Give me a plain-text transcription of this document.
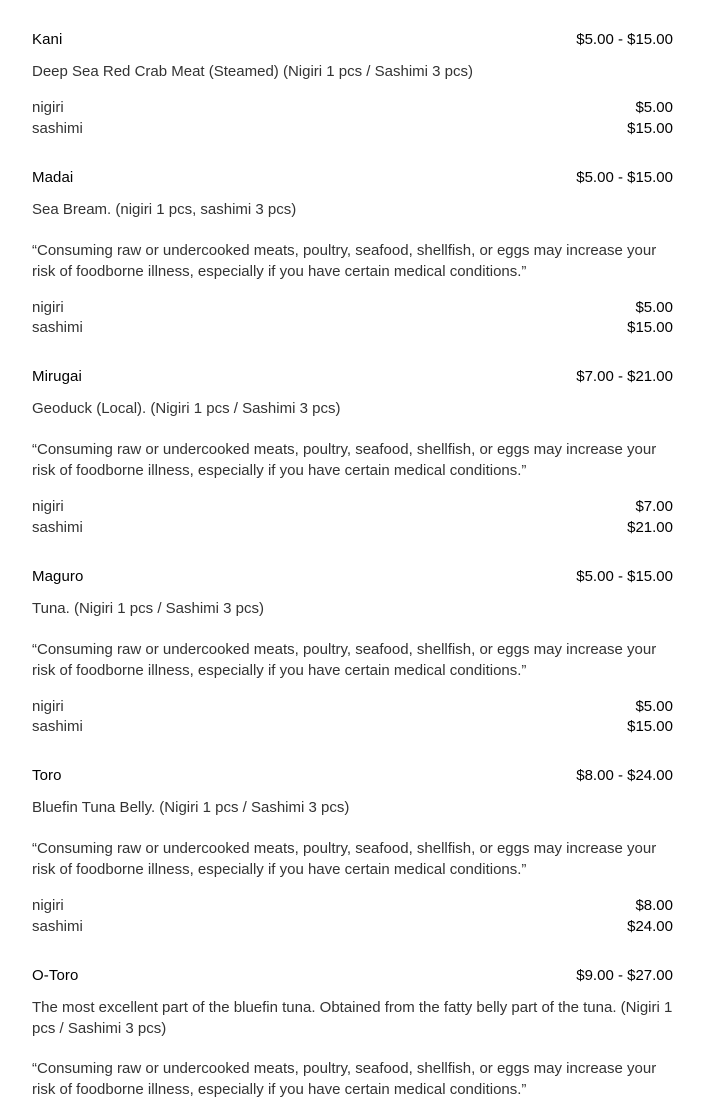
Kani	$5.00 - $15.00
Deep Sea Red Crab Meat (Steamed) (Nigiri 1 pcs / Sashimi 3 pcs)
nigiri	$5.00
sashimi	$15.00
Madai	$5.00 - $15.00
Sea Bream. (nigiri 1 pcs, sashimi 3 pcs)
“Consuming raw or undercooked meats, poultry, seafood, shellfish, or eggs may increase your risk of foodborne illness, especially if you have certain medical conditions.”
nigiri	$5.00
sashimi	$15.00
Mirugai	$7.00 - $21.00
Geoduck (Local). (Nigiri 1 pcs / Sashimi 3 pcs)
“Consuming raw or undercooked meats, poultry, seafood, shellfish, or eggs may increase your risk of foodborne illness, especially if you have certain medical conditions.”
nigiri	$7.00
sashimi	$21.00
Maguro	$5.00 - $15.00
Tuna. (Nigiri 1 pcs / Sashimi 3 pcs)
“Consuming raw or undercooked meats, poultry, seafood, shellfish, or eggs may increase your risk of foodborne illness, especially if you have certain medical conditions.”
nigiri	$5.00
sashimi	$15.00
Toro	$8.00 - $24.00
Bluefin Tuna Belly. (Nigiri 1 pcs / Sashimi 3 pcs)
“Consuming raw or undercooked meats, poultry, seafood, shellfish, or eggs may increase your risk of foodborne illness, especially if you have certain medical conditions.”
nigiri	$8.00
sashimi	$24.00
O-Toro	$9.00 - $27.00
The most excellent part of the bluefin tuna. Obtained from the fatty belly part of the tuna. (Nigiri 1 pcs / Sashimi 3 pcs)
“Consuming raw or undercooked meats, poultry, seafood, shellfish, or eggs may increase your risk of foodborne illness, especially if you have certain medical conditions.”
